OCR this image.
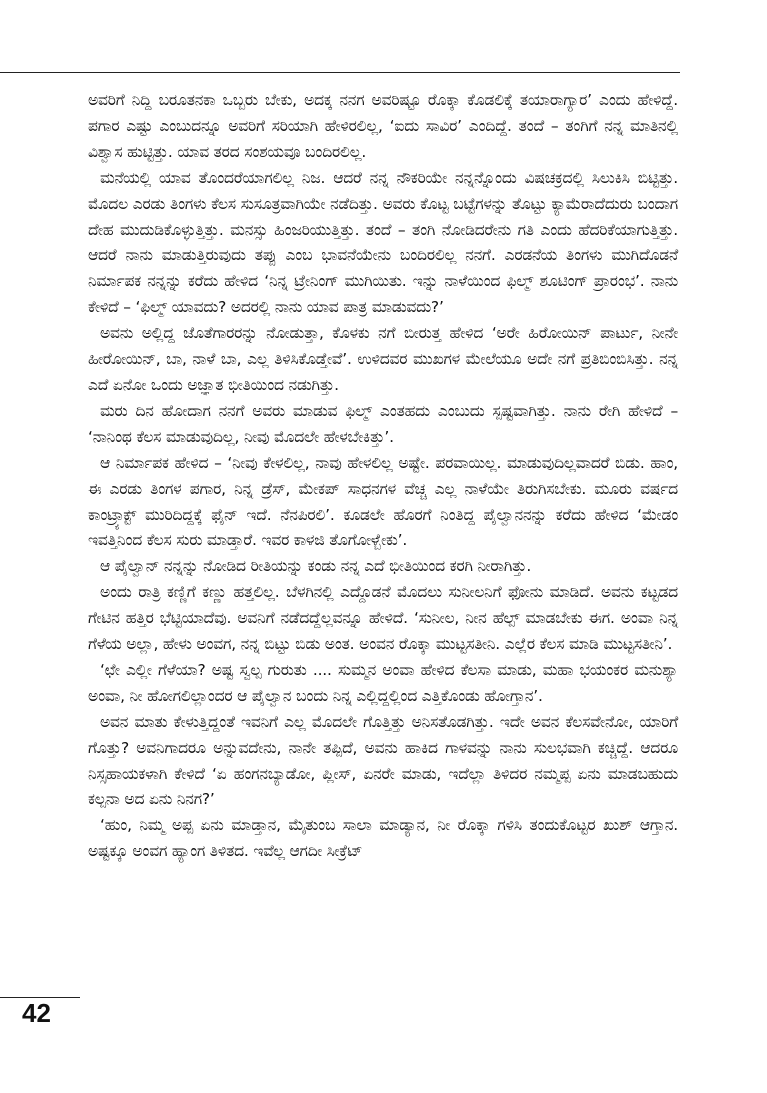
ಅವರಿಗೆ ನಿದ್ದಿ ಬರೂತನಕಾ ಒಬ್ಬರು ಬೇಕು, ಅದಕ್ಕ ನನಗ ಅವರಿಷ್ಟೂ ರೊಕ್ಕಾ ಕೊಡಲಿಕ್ಕೆ ತಯಾರಾಗ್ಯಾರ’ ಎಂದು ಹೇಳಿದ್ದೆ. ಪಗಾರ ಎಷ್ಟು ಎಂಬುದನ್ನೂ ಅವರಿಗೆ ಸರಿಯಾಗಿ ಹೇಳಿರಲಿಲ್ಲ, ‘ಐದು ಸಾವಿರ’ ಎಂದಿದ್ದೆ. ತಂದೆ – ತಂಗಿಗೆ ನನ್ನ ಮಾತಿನಲ್ಲಿ ವಿಶ್ವಾಸ ಹುಟ್ಟಿತ್ತು. ಯಾವ ತರದ ಸಂಶಯವೂ ಬಂದಿರಲಿಲ್ಲ.

ಮನೆಯಲ್ಲಿ ಯಾವ ತೊಂದರೆಯಾಗಲಿಲ್ಲ ನಿಜ. ಆದರೆ ನನ್ನ ನೌಕರಿಯೇ ನನ್ನನ್ನೊಂದು ವಿಷಚಕ್ರದಲ್ಲಿ ಸಿಲುಕಿಸಿ ಬಿಟ್ಟಿತ್ತು. ಮೊದಲ ಎರಡು ತಿಂಗಳು ಕೆಲಸ ಸುಸೂತ್ರವಾಗಿಯೇ ನಡೆದಿತ್ತು. ಅವರು ಕೊಟ್ಟ ಬಟ್ಟೆಗಳನ್ನು ತೊಟ್ಟು ಕ್ಯಾಮೆರಾದೆದುರು ಬಂದಾಗ ದೇಹ ಮುದುಡಿಕೊಳ್ಳುತ್ತಿತ್ತು. ಮನಸ್ಸು ಹಿಂಜರಿಯುತ್ತಿತ್ತು. ತಂದೆ – ತಂಗಿ ನೋಡಿದರೇನು ಗತಿ ಎಂದು ಹೆದರಿಕೆಯಾಗುತ್ತಿತ್ತು. ಆದರೆ ನಾನು ಮಾಡುತ್ತಿರುವುದು ತಪ್ಪು ಎಂಬ ಭಾವನೆಯೇನು ಬಂದಿರಲಿಲ್ಲ ನನಗೆ. ಎರಡನೆಯ ತಿಂಗಳು ಮುಗಿದೊಡನೆ ನಿರ್ಮಾಪಕ ನನ್ನನ್ನು ಕರೆದು ಹೇಳಿದ ‘ನಿನ್ನ ಟ್ರೇನಿಂಗ್ ಮುಗಿಯಿತು. ಇನ್ನು ನಾಳೆಯಿಂದ ಫಿಲ್ಮ್ ಶೂಟಿಂಗ್ ಪ್ರಾರಂಭ’. ನಾನು ಕೇಳಿದೆ – ‘ಫಿಲ್ಮ್ ಯಾವದು? ಅದರಲ್ಲಿ ನಾನು ಯಾವ ಪಾತ್ರ ಮಾಡುವದು?’

ಅವನು ಅಲ್ಲಿದ್ದ ಜೊತೆಗಾರರನ್ನು ನೋಡುತ್ತಾ, ಕೊಳಕು ನಗೆ ಬೀರುತ್ತ ಹೇಳಿದ ‘ಅರೇ ಹಿರೋಯಿನ್ ಪಾರ್ಟು, ನೀನೇ ಹೀರೋಯಿನ್, ಬಾ, ನಾಳೆ ಬಾ, ಎಲ್ಲ ತಿಳಿಸಿಕೊಡ್ತೇವೆ’. ಉಳಿದವರ ಮುಖಗಳ ಮೇಲೆಯೂ ಅದೇ ನಗೆ ಪ್ರತಿಬಿಂಬಿಸಿತ್ತು. ನನ್ನ ಎದೆ ಏನೋ ಒಂದು ಅಜ್ಞಾತ ಭೀತಿಯಿಂದ ನಡುಗಿತ್ತು.

ಮರು ದಿನ ಹೋದಾಗ ನನಗೆ ಅವರು ಮಾಡುವ ಫಿಲ್ಮ್ ಎಂತಹದು ಎಂಬುದು ಸ್ಪಷ್ಟವಾಗಿತ್ತು. ನಾನು ರೇಗಿ ಹೇಳಿದೆ – ‘ನಾನಿಂಥ ಕೆಲಸ ಮಾಡುವುದಿಲ್ಲ, ನೀವು ಮೊದಲೇ ಹೇಳಬೇಕಿತ್ತು’.

ಆ ನಿರ್ಮಾಪಕ ಹೇಳಿದ – ‘ನೀವು ಕೇಳಲಿಲ್ಲ, ನಾವು ಹೇಳಲಿಲ್ಲ ಅಷ್ಟೇ. ಪರವಾಯಿಲ್ಲ. ಮಾಡುವುದಿಲ್ಲವಾದರೆ ಬಿಡು. ಹಾಂ, ಈ ಎರಡು ತಿಂಗಳ ಪಗಾರ, ನಿನ್ನ ಡ್ರೆಸ್, ಮೇಕಪ್ ಸಾಧನಗಳ ವೆಚ್ಚ ಎಲ್ಲ ನಾಳೆಯೇ ತಿರುಗಿಸಬೇಕು. ಮೂರು ವರ್ಷದ ಕಾಂಟ್ರ್ಯಾಕ್ಟ್ ಮುರಿದಿದ್ದಕ್ಕೆ ಫೈನ್ ಇದೆ. ನೆನಪಿರಲಿ’. ಕೂಡಲೇ ಹೊರಗೆ ನಿಂತಿದ್ದ ಪೈಲ್ವಾನನನ್ನು ಕರೆದು ಹೇಳಿದ ‘ಮೇಡಂ ಇವತ್ತಿನಿಂದ ಕೆಲಸ ಸುರು ಮಾಡ್ತಾರೆ. ಇವರ ಕಾಳಜಿ ತೊಗೋಳ್ಬೇಕು’.

ಆ ಪೈಲ್ವಾನ್ ನನ್ನನ್ನು ನೋಡಿದ ರೀತಿಯನ್ನು ಕಂಡು ನನ್ನ ಎದೆ ಭೀತಿಯಿಂದ ಕರಗಿ ನೀರಾಗಿತ್ತು.

ಅಂದು ರಾತ್ರಿ ಕಣ್ಣಿಗೆ ಕಣ್ಣು ಹತ್ತಲಿಲ್ಲ. ಬೆಳಗಿನಲ್ಲಿ ಎದ್ದೊಡನೆ ಮೊದಲು ಸುನೀಲನಿಗೆ ಫೋನು ಮಾಡಿದೆ. ಅವನು ಕಟ್ಟಡದ ಗೇಟಿನ ಹತ್ತಿರ ಭೆಟ್ಟಿಯಾದೆವು. ಅವನಿಗೆ ನಡೆದದ್ದೆಲ್ಲವನ್ನೂ ಹೇಳಿದೆ. ‘ಸುನೀಲ, ನೀನ ಹೆಲ್ಪ್ ಮಾಡಬೇಕು ಈಗ. ಅಂವಾ ನಿನ್ನ ಗೆಳೆಯ ಅಲ್ಲಾ, ಹೇಳು ಅಂವಗ, ನನ್ನ ಬಿಟ್ಟು ಬಿಡು ಅಂತ. ಅಂವನ ರೊಕ್ಕಾ ಮುಟ್ಟಸತೀನಿ. ಎಲ್ಲೆರ ಕೆಲಸ ಮಾಡಿ ಮುಟ್ಟಸತೀನಿ’.

‘ಛೇ ಎಲ್ಲೀ ಗೆಳೆಯಾ? ಅಷ್ಟ ಸ್ವಲ್ಪ ಗುರುತು .... ಸುಮ್ಮನ ಅಂವಾ ಹೇಳಿದ ಕೆಲಸಾ ಮಾಡು, ಮಹಾ ಭಯಂಕರ ಮನುಶ್ಯಾ ಅಂವಾ, ನೀ ಹೋಗಲಿಲ್ಲಾಂದರ ಆ ಪೈಲ್ವಾನ ಬಂದು ನಿನ್ನ ಎಲ್ಲಿದ್ದಲ್ಲಿಂದ ಎತ್ತಿಕೊಂಡು ಹೋಗ್ತಾನ’.

ಅವನ ಮಾತು ಕೇಳುತ್ತಿದ್ದಂತೆ ಇವನಿಗೆ ಎಲ್ಲ ಮೊದಲೇ ಗೊತ್ತಿತ್ತು ಅನಿಸತೊಡಗಿತ್ತು. ಇದೇ ಅವನ ಕೆಲಸವೇನೋ, ಯಾರಿಗೆ ಗೊತ್ತು? ಅವನಿಗಾದರೂ ಅನ್ನುವದೇನು, ನಾನೇ ತಪ್ಪಿದೆ, ಅವನು ಹಾಕಿದ ಗಾಳವನ್ನು ನಾನು ಸುಲಭವಾಗಿ ಕಚ್ಚಿದ್ದೆ. ಆದರೂ ನಿಸ್ಸಹಾಯಕಳಾಗಿ ಕೇಳಿದೆ ‘ಏ ಹಂಗನಬ್ಯಾಡೋ, ಪ್ಲೀಸ್, ಏನರೇ ಮಾಡು, ಇದೆಲ್ಲಾ ತಿಳಿದರ ನಮ್ಮಪ್ಪ ಏನು ಮಾಡಬಹುದು ಕಲ್ಪನಾ ಅದ ಏನು ನಿನಗ?’

‘ಹುಂ, ನಿಮ್ಮ ಅಪ್ಪ ಏನು ಮಾಡ್ತಾನ, ಮೈತುಂಬ ಸಾಲಾ ಮಾಡ್ಯಾನ, ನೀ ರೊಕ್ಕಾ ಗಳಿಸಿ ತಂದುಕೊಟ್ಟರ ಖುಶ್ ಆಗ್ತಾನ. ಅಷ್ಟಕ್ಕೂ ಅಂವಗ ಹ್ಯಾಂಗ ತಿಳಿತದ. ಇವೆಲ್ಲ ಆಗದೀ ಸೀಕ್ರೆಟ್

42
